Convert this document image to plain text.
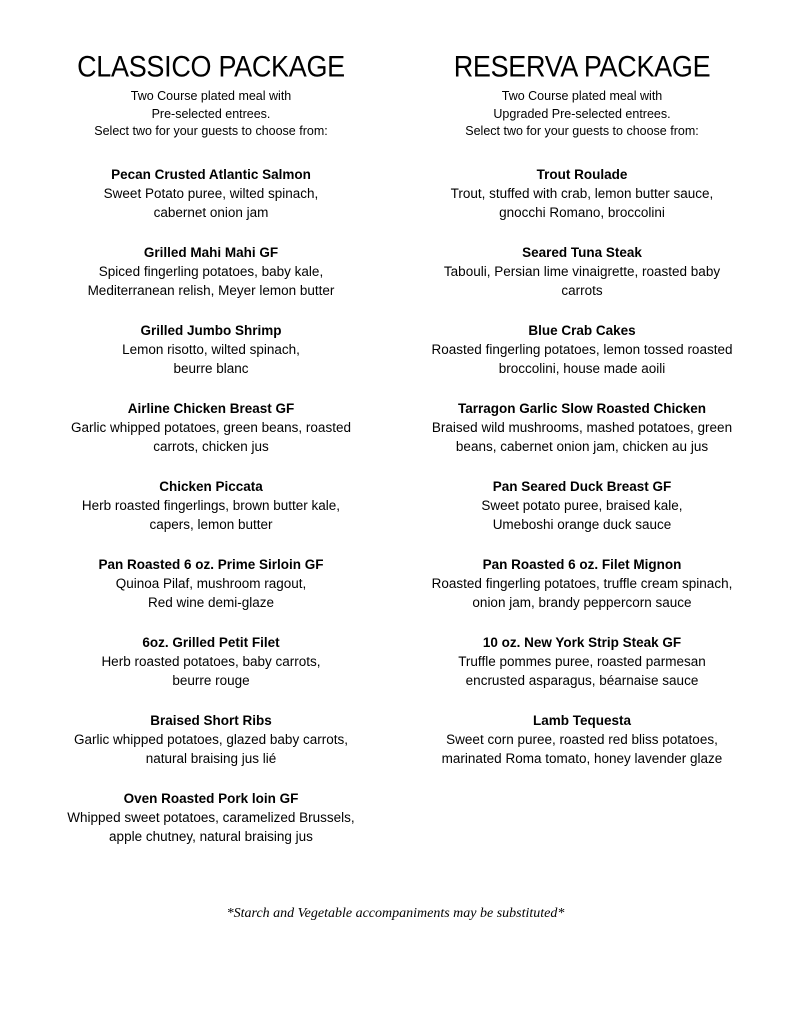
CLASSICO PACKAGE
Two Course plated meal with
Pre-selected entrees.
Select two for your guests to choose from:
Pecan Crusted Atlantic Salmon
Sweet Potato puree, wilted spinach,
cabernet onion jam
Grilled Mahi Mahi GF
Spiced fingerling potatoes, baby kale,
Mediterranean relish, Meyer lemon butter
Grilled Jumbo Shrimp
Lemon risotto, wilted spinach,
beurre blanc
Airline Chicken Breast GF
Garlic whipped potatoes, green beans, roasted
carrots, chicken jus
Chicken Piccata
Herb roasted fingerlings, brown butter kale,
capers, lemon butter
Pan Roasted 6 oz. Prime Sirloin GF
Quinoa Pilaf, mushroom ragout,
Red wine demi-glaze
6oz. Grilled Petit Filet
Herb roasted potatoes, baby carrots,
beurre rouge
Braised Short Ribs
Garlic whipped potatoes, glazed baby carrots,
natural braising jus lié
Oven Roasted Pork loin GF
Whipped sweet potatoes, caramelized Brussels,
apple chutney, natural braising jus
RESERVA PACKAGE
Two Course plated meal with
Upgraded Pre-selected entrees.
Select two for your guests to choose from:
Trout Roulade
Trout, stuffed with crab, lemon butter sauce,
gnocchi Romano, broccolini
Seared Tuna Steak
Tabouli, Persian lime vinaigrette, roasted baby
carrots
Blue Crab Cakes
Roasted fingerling potatoes, lemon tossed roasted
broccolini, house made aoili
Tarragon Garlic Slow Roasted Chicken
Braised wild mushrooms, mashed potatoes, green
beans, cabernet onion jam, chicken au jus
Pan Seared Duck Breast GF
Sweet potato puree, braised kale,
Umeboshi orange duck sauce
Pan Roasted 6 oz. Filet Mignon
Roasted fingerling potatoes, truffle cream spinach,
onion jam, brandy peppercorn sauce
10 oz. New York Strip Steak GF
Truffle pommes puree, roasted parmesan
encrusted asparagus, béarnaise sauce
Lamb Tequesta
Sweet corn puree, roasted red bliss potatoes,
marinated Roma tomato, honey lavender glaze
*Starch and Vegetable accompaniments may be substituted*
